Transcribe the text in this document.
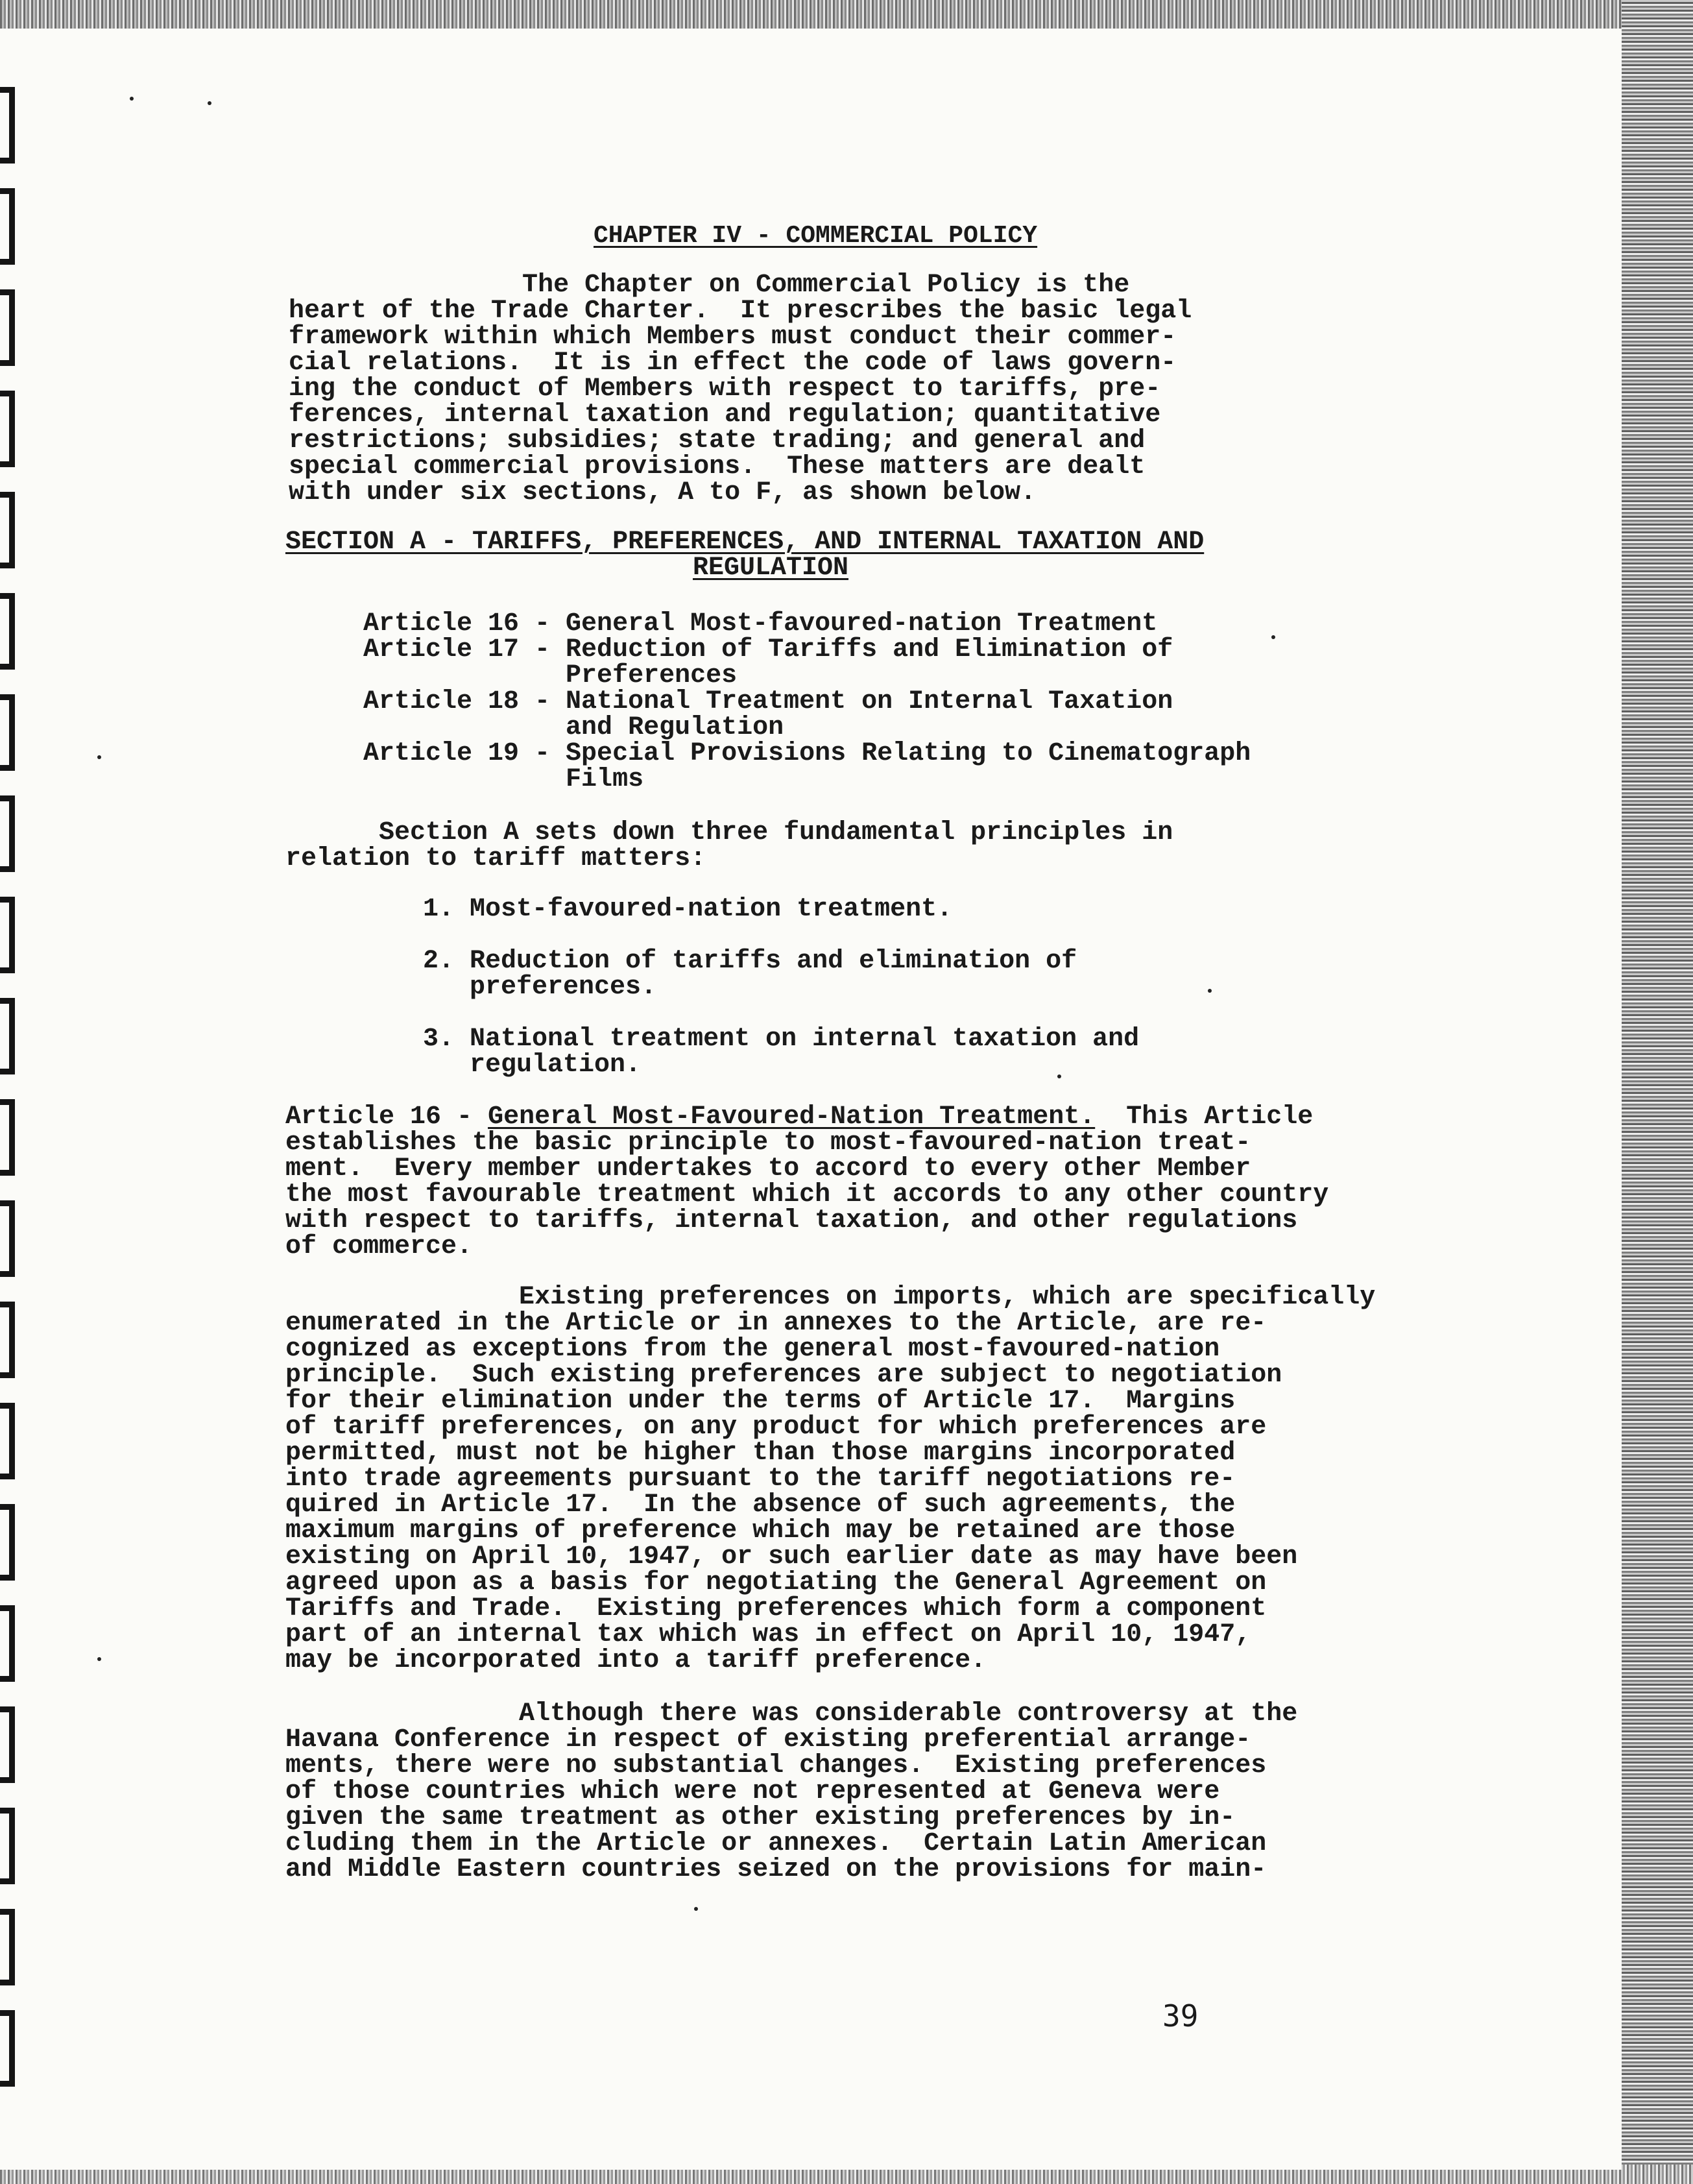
CHAPTER IV - COMMERCIAL POLICY
The Chapter on Commercial Policy is the
heart of the Trade Charter.  It prescribes the basic legal
framework within which Members must conduct their commer-
cial relations.  It is in effect the code of laws govern-
ing the conduct of Members with respect to tariffs, pre-
ferences, internal taxation and regulation; quantitative
restrictions; subsidies; state trading; and general and
special commercial provisions.  These matters are dealt
with under six sections, A to F, as shown below.
SECTION A - TARIFFS, PREFERENCES, AND INTERNAL TAXATION AND
REGULATION
Article 16 - General Most-favoured-nation Treatment
Article 17 - Reduction of Tariffs and Elimination of
Preferences
Article 18 - National Treatment on Internal Taxation
and Regulation
Article 19 - Special Provisions Relating to Cinematograph
Films
Section A sets down three fundamental principles in
relation to tariff matters:
1. Most-favoured-nation treatment.
2. Reduction of tariffs and elimination of
preferences.
3. National treatment on internal taxation and
regulation.
Article 16 - General Most-Favoured-Nation Treatment.  This Article
establishes the basic principle to most-favoured-nation treat-
ment.  Every member undertakes to accord to every other Member
the most favourable treatment which it accords to any other country
with respect to tariffs, internal taxation, and other regulations
of commerce.
Existing preferences on imports, which are specifically
enumerated in the Article or in annexes to the Article, are re-
cognized as exceptions from the general most-favoured-nation
principle.  Such existing preferences are subject to negotiation
for their elimination under the terms of Article 17.  Margins
of tariff preferences, on any product for which preferences are
permitted, must not be higher than those margins incorporated
into trade agreements pursuant to the tariff negotiations re-
quired in Article 17.  In the absence of such agreements, the
maximum margins of preference which may be retained are those
existing on April 10, 1947, or such earlier date as may have been
agreed upon as a basis for negotiating the General Agreement on
Tariffs and Trade.  Existing preferences which form a component
part of an internal tax which was in effect on April 10, 1947,
may be incorporated into a tariff preference.
Although there was considerable controversy at the
Havana Conference in respect of existing preferential arrange-
ments, there were no substantial changes.  Existing preferences
of those countries which were not represented at Geneva were
given the same treatment as other existing preferences by in-
cluding them in the Article or annexes.  Certain Latin American
and Middle Eastern countries seized on the provisions for main-
39
